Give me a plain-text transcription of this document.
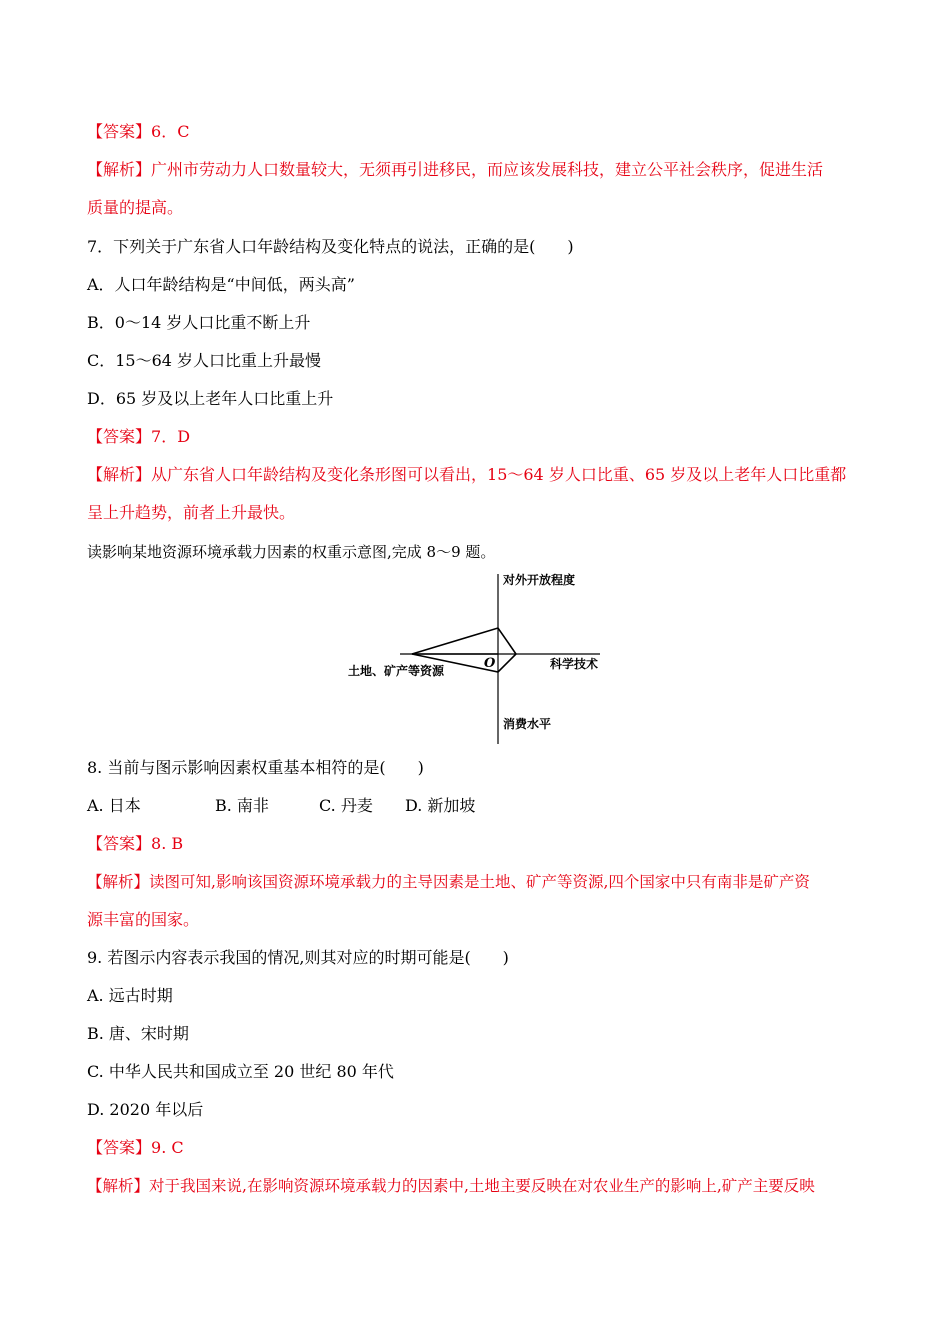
【答案】6．C
【解析】广州市劳动力人口数量较大，无须再引进移民，而应该发展科技，建立公平社会秩序，促进生活
质量的提高。
7．下列关于广东省人口年龄结构及变化特点的说法，正确的是(　　)
A．人口年龄结构是“中间低，两头高”
B．0～14 岁人口比重不断上升
C．15～64 岁人口比重上升最慢
D．65 岁及以上老年人口比重上升
【答案】7．D
【解析】从广东省人口年龄结构及变化条形图可以看出，15～64 岁人口比重、65 岁及以上老年人口比重都
呈上升趋势，前者上升最快。
读影响某地资源环境承载力因素的权重示意图,完成 8～9 题。
对外开放程度
科学技术
消费水平
土地、矿产等资源	O
8. 当前与图示影响因素权重基本相符的是(　　)
A. 日本	B. 南非	C. 丹麦 D. 新加坡
【答案】8. B
【解析】读图可知,影响该国资源环境承载力的主导因素是土地、矿产等资源,四个国家中只有南非是矿产资
源丰富的国家。
9. 若图示内容表示我国的情况,则其对应的时期可能是(　　)
A. 远古时期
B. 唐、宋时期
C. 中华人民共和国成立至 20 世纪 80 年代
D. 2020 年以后
【答案】9. C
【解析】对于我国来说,在影响资源环境承载力的因素中,土地主要反映在对农业生产的影响上,矿产主要反映
